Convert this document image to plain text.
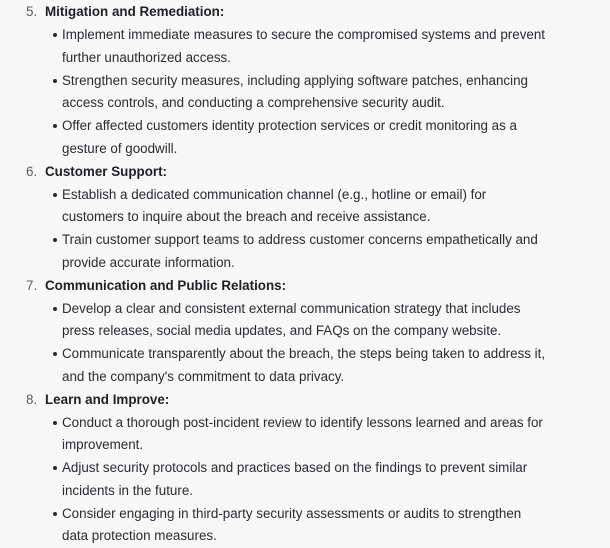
5. Mitigation and Remediation:
Implement immediate measures to secure the compromised systems and prevent further unauthorized access.
Strengthen security measures, including applying software patches, enhancing access controls, and conducting a comprehensive security audit.
Offer affected customers identity protection services or credit monitoring as a gesture of goodwill.
6. Customer Support:
Establish a dedicated communication channel (e.g., hotline or email) for customers to inquire about the breach and receive assistance.
Train customer support teams to address customer concerns empathetically and provide accurate information.
7. Communication and Public Relations:
Develop a clear and consistent external communication strategy that includes press releases, social media updates, and FAQs on the company website.
Communicate transparently about the breach, the steps being taken to address it, and the company's commitment to data privacy.
8. Learn and Improve:
Conduct a thorough post-incident review to identify lessons learned and areas for improvement.
Adjust security protocols and practices based on the findings to prevent similar incidents in the future.
Consider engaging in third-party security assessments or audits to strengthen data protection measures.
